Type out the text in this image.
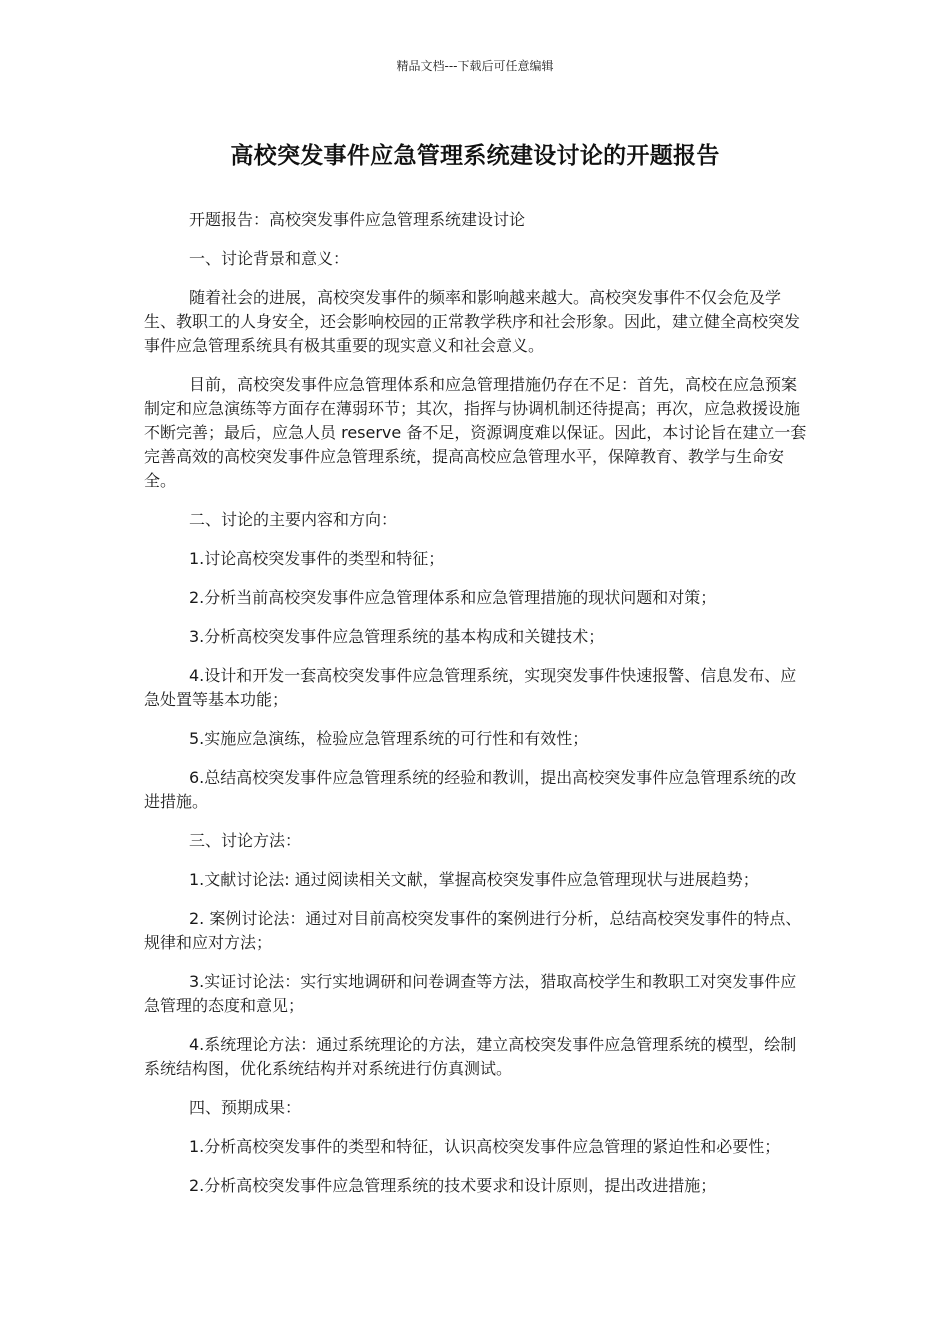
精品文档---下载后可任意编辑

高校突发事件应急管理系统建设讨论的开题报告

开题报告：高校突发事件应急管理系统建设讨论

一、讨论背景和意义：

随着社会的进展，高校突发事件的频率和影响越来越大。高校突发事件不仅会危及学生、教职工的人身安全，还会影响校园的正常教学秩序和社会形象。因此，建立健全高校突发事件应急管理系统具有极其重要的现实意义和社会意义。

目前，高校突发事件应急管理体系和应急管理措施仍存在不足：首先，高校在应急预案制定和应急演练等方面存在薄弱环节；其次，指挥与协调机制还待提高；再次，应急救援设施不断完善；最后，应急人员 reserve 备不足，资源调度难以保证。因此，本讨论旨在建立一套完善高效的高校突发事件应急管理系统，提高高校应急管理水平，保障教育、教学与生命安全。

二、讨论的主要内容和方向：

1.讨论高校突发事件的类型和特征；

2.分析当前高校突发事件应急管理体系和应急管理措施的现状问题和对策；

3.分析高校突发事件应急管理系统的基本构成和关键技术；

4.设计和开发一套高校突发事件应急管理系统，实现突发事件快速报警、信息发布、应急处置等基本功能；

5.实施应急演练，检验应急管理系统的可行性和有效性；

6.总结高校突发事件应急管理系统的经验和教训，提出高校突发事件应急管理系统的改进措施。

三、讨论方法：

1.文献讨论法: 通过阅读相关文献，掌握高校突发事件应急管理现状与进展趋势；

2. 案例讨论法：通过对目前高校突发事件的案例进行分析，总结高校突发事件的特点、规律和应对方法；

3.实证讨论法：实行实地调研和问卷调查等方法，猎取高校学生和教职工对突发事件应急管理的态度和意见；

4.系统理论方法：通过系统理论的方法，建立高校突发事件应急管理系统的模型，绘制系统结构图，优化系统结构并对系统进行仿真测试。

四、预期成果：

1.分析高校突发事件的类型和特征，认识高校突发事件应急管理的紧迫性和必要性；

2.分析高校突发事件应急管理系统的技术要求和设计原则，提出改进措施；
